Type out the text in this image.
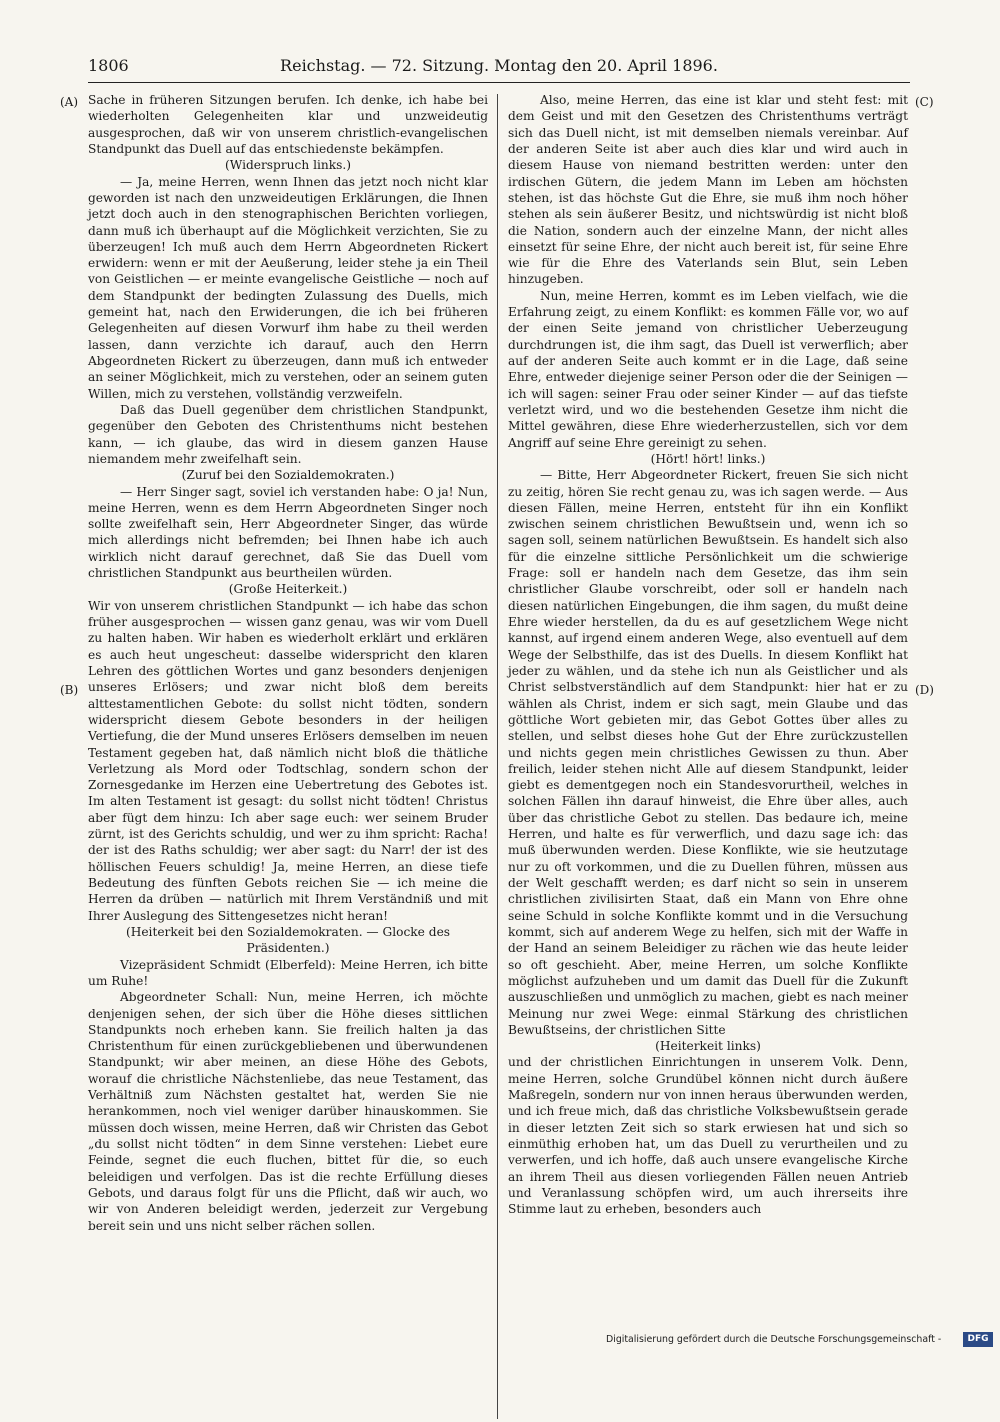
1806	Reichstag. — 72. Sitzung. Montag den 20. April 1896.
(A)
(B)
(C)
(D)

Sache in früheren Sitzungen berufen. Ich denke, ich habe bei wiederholten Gelegenheiten klar und unzweideutig ausgesprochen, daß wir von unserem christlich-evangelischen Standpunkt das Duell auf das entschiedenste bekämpfen.

(Widerspruch links.)

— Ja, meine Herren, wenn Ihnen das jetzt noch nicht klar geworden ist nach den unzweideutigen Erklärungen, die Ihnen jetzt doch auch in den stenographischen Berichten vorliegen, dann muß ich überhaupt auf die Möglichkeit verzichten, Sie zu überzeugen! Ich muß auch dem Herrn Abgeordneten Rickert erwidern: wenn er mit der Aeußerung, leider stehe ja ein Theil von Geistlichen — er meinte evangelische Geistliche — noch auf dem Standpunkt der bedingten Zulassung des Duells, mich gemeint hat, nach den Erwiderungen, die ich bei früheren Gelegenheiten auf diesen Vorwurf ihm habe zu theil werden lassen, dann verzichte ich darauf, auch den Herrn Abgeordneten Rickert zu überzeugen, dann muß ich entweder an seiner Möglichkeit, mich zu verstehen, oder an seinem guten Willen, mich zu verstehen, vollständig verzweifeln.

Daß das Duell gegenüber dem christlichen Standpunkt, gegenüber den Geboten des Christenthums nicht bestehen kann, — ich glaube, das wird in diesem ganzen Hause niemandem mehr zweifelhaft sein.

(Zuruf bei den Sozialdemokraten.)

— Herr Singer sagt, soviel ich verstanden habe: O ja! Nun, meine Herren, wenn es dem Herrn Abgeordneten Singer noch sollte zweifelhaft sein, Herr Abgeordneter Singer, das würde mich allerdings nicht befremden; bei Ihnen habe ich auch wirklich nicht darauf gerechnet, daß Sie das Duell vom christlichen Standpunkt aus beurtheilen würden.

(Große Heiterkeit.)

Wir von unserem christlichen Standpunkt — ich habe das schon früher ausgesprochen — wissen ganz genau, was wir vom Duell zu halten haben. Wir haben es wiederholt erklärt und erklären es auch heut ungescheut: dasselbe widerspricht den klaren Lehren des göttlichen Wortes und ganz besonders denjenigen unseres Erlösers; und zwar nicht bloß dem bereits alttestamentlichen Gebote: du sollst nicht tödten, sondern widerspricht diesem Gebote besonders in der heiligen Vertiefung, die der Mund unseres Erlösers demselben im neuen Testament gegeben hat, daß nämlich nicht bloß die thätliche Verletzung als Mord oder Todtschlag, sondern schon der Zornesgedanke im Herzen eine Uebertretung des Gebotes ist. Im alten Testament ist gesagt: du sollst nicht tödten! Christus aber fügt dem hinzu: Ich aber sage euch: wer seinem Bruder zürnt, ist des Gerichts schuldig, und wer zu ihm spricht: Racha! der ist des Raths schuldig; wer aber sagt: du Narr! der ist des höllischen Feuers schuldig! Ja, meine Herren, an diese tiefe Bedeutung des fünften Gebots reichen Sie — ich meine die Herren da drüben — natürlich mit Ihrem Verständniß und mit Ihrer Auslegung des Sittengesetzes nicht heran!

(Heiterkeit bei den Sozialdemokraten. — Glocke des Präsidenten.)

Vizepräsident Schmidt (Elberfeld): Meine Herren, ich bitte um Ruhe!

Abgeordneter Schall: Nun, meine Herren, ich möchte denjenigen sehen, der sich über die Höhe dieses sittlichen Standpunkts noch erheben kann. Sie freilich halten ja das Christenthum für einen zurückgebliebenen und überwundenen Standpunkt; wir aber meinen, an diese Höhe des Gebots, worauf die christliche Nächstenliebe, das neue Testament, das Verhältniß zum Nächsten gestaltet hat, werden Sie nie herankommen, noch viel weniger darüber hinauskommen. Sie müssen doch wissen, meine Herren, daß wir Christen das Gebot „du sollst nicht tödten“ in dem Sinne verstehen: Liebet eure Feinde, segnet die euch fluchen, bittet für die, so euch beleidigen und verfolgen. Das ist die rechte Erfüllung dieses Gebots, und daraus folgt für uns die Pflicht, daß wir auch, wo wir von Anderen beleidigt werden, jederzeit zur Vergebung bereit sein und uns nicht selber rächen sollen.

Also, meine Herren, das eine ist klar und steht fest: mit dem Geist und mit den Gesetzen des Christenthums verträgt sich das Duell nicht, ist mit demselben niemals vereinbar. Auf der anderen Seite ist aber auch dies klar und wird auch in diesem Hause von niemand bestritten werden: unter den irdischen Gütern, die jedem Mann im Leben am höchsten stehen, ist das höchste Gut die Ehre, sie muß ihm noch höher stehen als sein äußerer Besitz, und nichtswürdig ist nicht bloß die Nation, sondern auch der einzelne Mann, der nicht alles einsetzt für seine Ehre, der nicht auch bereit ist, für seine Ehre wie für die Ehre des Vaterlands sein Blut, sein Leben hinzugeben.

Nun, meine Herren, kommt es im Leben vielfach, wie die Erfahrung zeigt, zu einem Konflikt: es kommen Fälle vor, wo auf der einen Seite jemand von christlicher Ueberzeugung durchdrungen ist, die ihm sagt, das Duell ist verwerflich; aber auf der anderen Seite auch kommt er in die Lage, daß seine Ehre, entweder diejenige seiner Person oder die der Seinigen — ich will sagen: seiner Frau oder seiner Kinder — auf das tiefste verletzt wird, und wo die bestehenden Gesetze ihm nicht die Mittel gewähren, diese Ehre wiederherzustellen, sich vor dem Angriff auf seine Ehre gereinigt zu sehen.

(Hört! hört! links.)

— Bitte, Herr Abgeordneter Rickert, freuen Sie sich nicht zu zeitig, hören Sie recht genau zu, was ich sagen werde. — Aus diesen Fällen, meine Herren, entsteht für ihn ein Konflikt zwischen seinem christlichen Bewußtsein und, wenn ich so sagen soll, seinem natürlichen Bewußtsein. Es handelt sich also für die einzelne sittliche Persönlichkeit um die schwierige Frage: soll er handeln nach dem Gesetze, das ihm sein christlicher Glaube vorschreibt, oder soll er handeln nach diesen natürlichen Eingebungen, die ihm sagen, du mußt deine Ehre wieder herstellen, da du es auf gesetzlichem Wege nicht kannst, auf irgend einem anderen Wege, also eventuell auf dem Wege der Selbsthilfe, das ist des Duells. In diesem Konflikt hat jeder zu wählen, und da stehe ich nun als Geistlicher und als Christ selbstverständlich auf dem Standpunkt: hier hat er zu wählen als Christ, indem er sich sagt, mein Glaube und das göttliche Wort gebieten mir, das Gebot Gottes über alles zu stellen, und selbst dieses hohe Gut der Ehre zurückzustellen und nichts gegen mein christliches Gewissen zu thun. Aber freilich, leider stehen nicht Alle auf diesem Standpunkt, leider giebt es dementgegen noch ein Standesvorurtheil, welches in solchen Fällen ihn darauf hinweist, die Ehre über alles, auch über das christliche Gebot zu stellen. Das bedaure ich, meine Herren, und halte es für verwerflich, und dazu sage ich: das muß überwunden werden. Diese Konflikte, wie sie heutzutage nur zu oft vorkommen, und die zu Duellen führen, müssen aus der Welt geschafft werden; es darf nicht so sein in unserem christlichen zivilisirten Staat, daß ein Mann von Ehre ohne seine Schuld in solche Konflikte kommt und in die Versuchung kommt, sich auf anderem Wege zu helfen, sich mit der Waffe in der Hand an seinem Beleidiger zu rächen wie das heute leider so oft geschieht. Aber, meine Herren, um solche Konflikte möglichst aufzuheben und um damit das Duell für die Zukunft auszuschließen und unmöglich zu machen, giebt es nach meiner Meinung nur zwei Wege: einmal Stärkung des christlichen Bewußtseins, der christlichen Sitte

(Heiterkeit links)

und der christlichen Einrichtungen in unserem Volk. Denn, meine Herren, solche Grundübel können nicht durch äußere Maßregeln, sondern nur von innen heraus überwunden werden, und ich freue mich, daß das christliche Volksbewußtsein gerade in dieser letzten Zeit sich so stark erwiesen hat und sich so einmüthig erhoben hat, um das Duell zu verurtheilen und zu verwerfen, und ich hoffe, daß auch unsere evangelische Kirche an ihrem Theil aus diesen vorliegenden Fällen neuen Antrieb und Veranlassung schöpfen wird, um auch ihrerseits ihre Stimme laut zu erheben, besonders auch

Digitalisierung gefördert durch die Deutsche Forschungsgemeinschaft -	DFG
